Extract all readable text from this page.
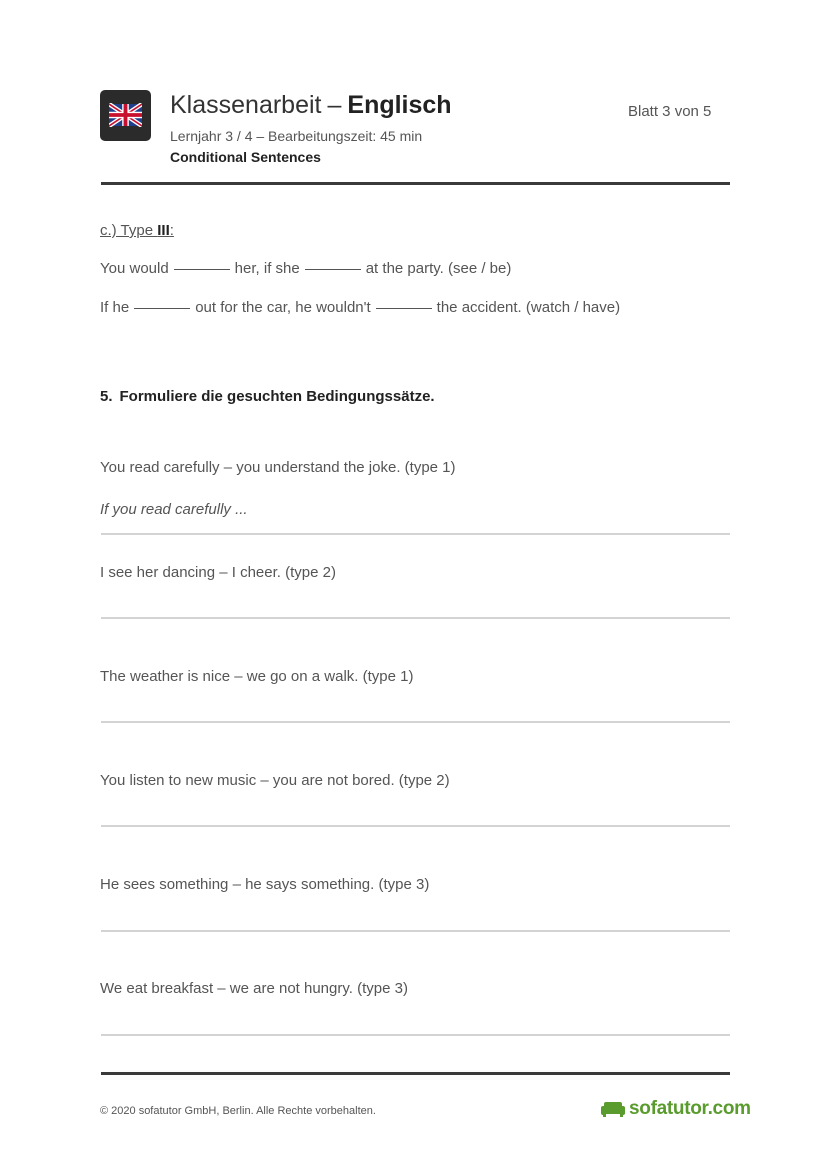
Klassenarbeit – Englisch
Lernjahr 3 / 4 – Bearbeitungszeit: 45 min
Conditional Sentences
Blatt 3 von 5
c.) Type III:
You would	her, if she	at the party. (see / be)
If he	out for the car, he wouldn't	the accident. (watch / have)
5. Formuliere die gesuchten Bedingungssätze.
You read carefully – you understand the joke. (type 1)
If you read carefully ...
I see her dancing – I cheer. (type 2)
The weather is nice – we go on a walk. (type 1)
You listen to new music – you are not bored. (type 2)
He sees something – he says something. (type 3)
We eat breakfast – we are not hungry. (type 3)
© 2020 sofatutor GmbH, Berlin. Alle Rechte vorbehalten.	sofatutor.com
